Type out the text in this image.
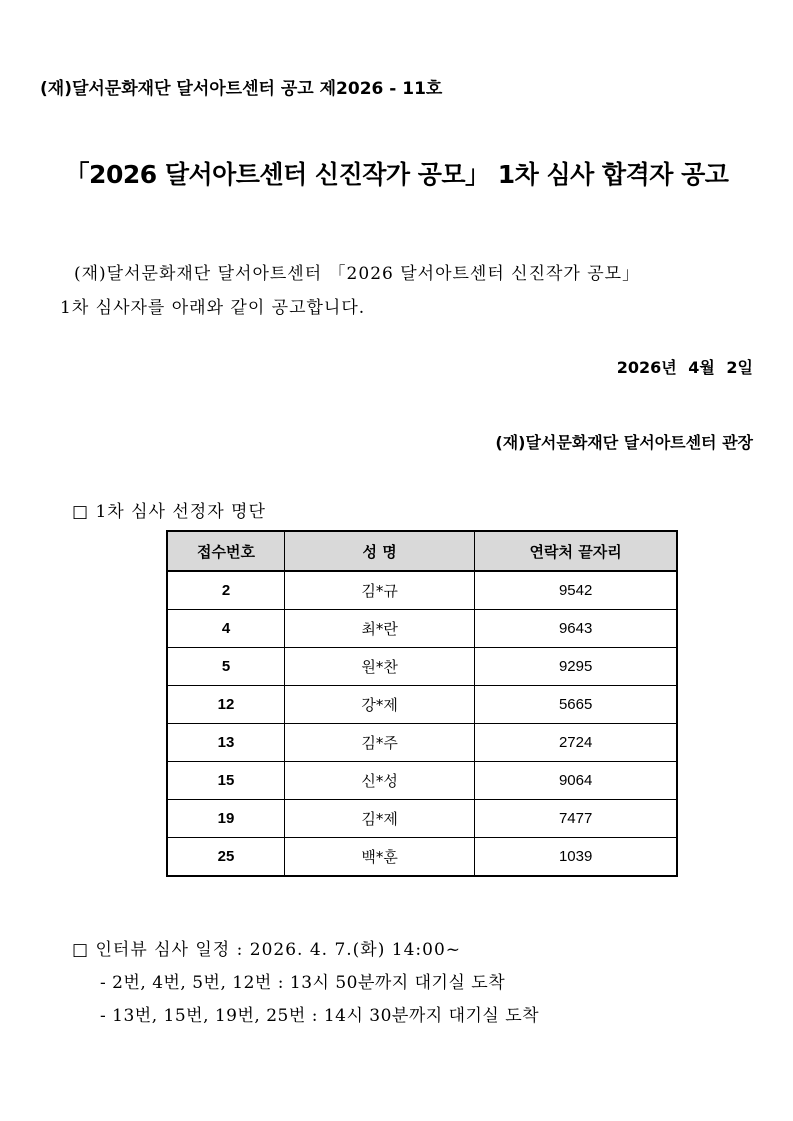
(재)달서문화재단 달서아트센터 공고 제2026 - 11호
「2026 달서아트센터 신진작가 공모」 1차 심사 합격자 공고
(재)달서문화재단 달서아트센터 「2026 달서아트센터 신진작가 공모」
1차 심사자를 아래와 같이 공고합니다.
2026년 4월 2일
(재)달서문화재단 달서아트센터 관장
□ 1차 심사 선정자 명단
접수번호	성 명	연락처 끝자리
2	김*규	9542
4	최*란	9643
5	원*찬	9295
12	강*제	5665
13	김*주	2724
15	신*성	9064
19	김*제	7477
25	백*훈	1039
□ 인터뷰 심사 일정 : 2026. 4. 7.(화) 14:00~
- 2번, 4번, 5번, 12번 : 13시 50분까지 대기실 도착
- 13번, 15번, 19번, 25번 : 14시 30분까지 대기실 도착
